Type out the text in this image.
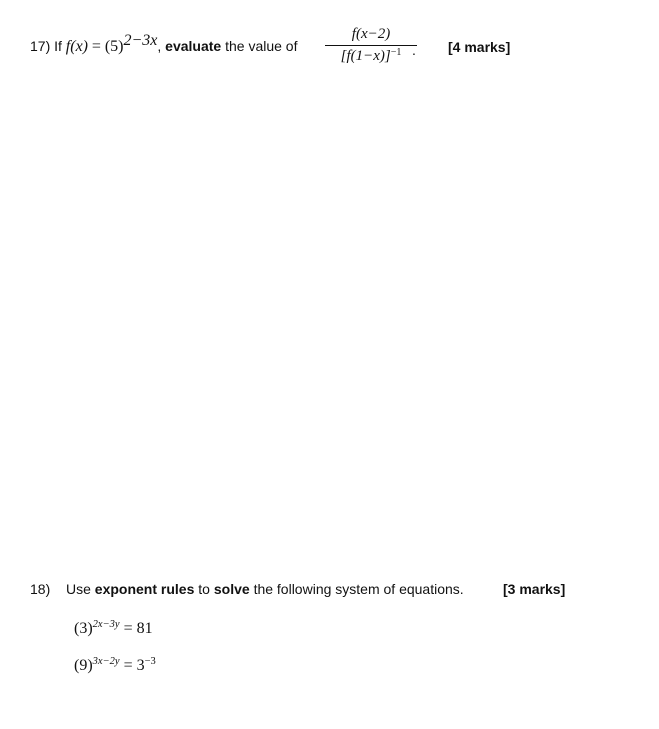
17) If $f(x) = (5)^{2-3x}$, evaluate the value of
f(x−2)
$[f(1-x)]^{-1}$ . [4 marks]
18) Use exponent rules to solve the following system of equations.	[3 marks]
$(3)^{2x-3y} = 81$
$(9)^{3x-2y} = 3^{-3}$
